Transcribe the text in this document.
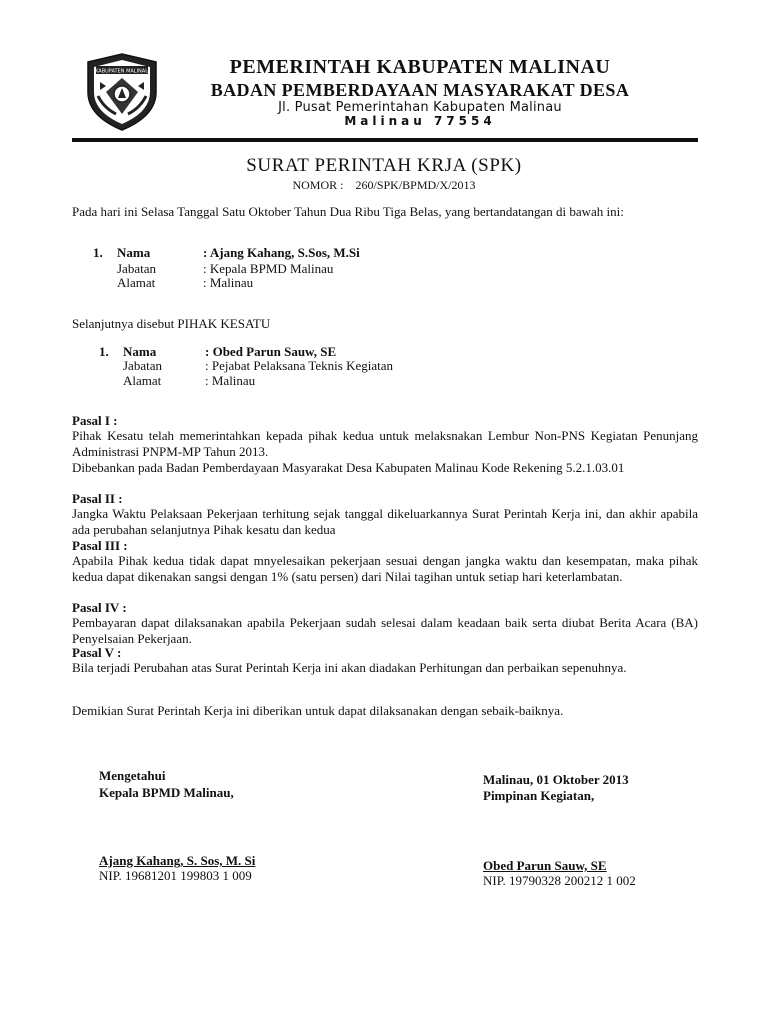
KABUPATEN MALINAU	PEMERINTAH KABUPATEN MALINAU
BADAN PEMBERDAYAAN MASYARAKAT DESA
Jl. Pusat Pemerintahan Kabupaten Malinau
Malinau 77554
SURAT PERINTAH KRJA (SPK)
NOMOR : 260/SPK/BPMD/X/2013
Pada hari ini Selasa Tanggal Satu Oktober Tahun Dua Ribu Tiga Belas, yang bertandatangan di bawah ini:
1. Nama	: Ajang Kahang, S.Sos, M.Si
Jabatan	: Kepala BPMD Malinau
Alamat	: Malinau
Selanjutnya disebut PIHAK KESATU
1. Nama	: Obed Parun Sauw, SE
Jabatan	: Pejabat Pelaksana Teknis Kegiatan
Alamat	: Malinau
Pasal I :
Pihak Kesatu telah memerintahkan kepada pihak kedua untuk melaksnakan Lembur Non-PNS Kegiatan Penunjang Administrasi PNPM-MP Tahun 2013.
Dibebankan pada Badan Pemberdayaan Masyarakat Desa Kabupaten Malinau Kode Rekening 5.2.1.03.01
Pasal II :
Jangka Waktu Pelaksaan Pekerjaan terhitung sejak tanggal dikeluarkannya Surat Perintah Kerja ini, dan akhir apabila ada perubahan selanjutnya Pihak kesatu dan kedua
Pasal III :
Apabila Pihak kedua tidak dapat mnyelesaikan pekerjaan sesuai dengan jangka waktu dan kesempatan, maka pihak kedua dapat dikenakan sangsi dengan 1% (satu persen) dari Nilai tagihan untuk setiap hari keterlambatan.
Pasal IV :
Pembayaran dapat dilaksanakan apabila Pekerjaan sudah selesai dalam keadaan baik serta diubat Berita Acara (BA) Penyelsaian Pekerjaan.
Pasal V :
Bila terjadi Perubahan atas Surat Perintah Kerja ini akan diadakan Perhitungan dan perbaikan sepenuhnya.
Demikian Surat Perintah Kerja ini diberikan untuk dapat dilaksanakan dengan sebaik-baiknya.
Mengetahui
Kepala BPMD Malinau,
Ajang Kahang, S. Sos, M. Si
NIP. 19681201 199803 1 009
Malinau, 01 Oktober 2013
Pimpinan Kegiatan,
Obed Parun Sauw, SE
NIP. 19790328 200212 1 002
